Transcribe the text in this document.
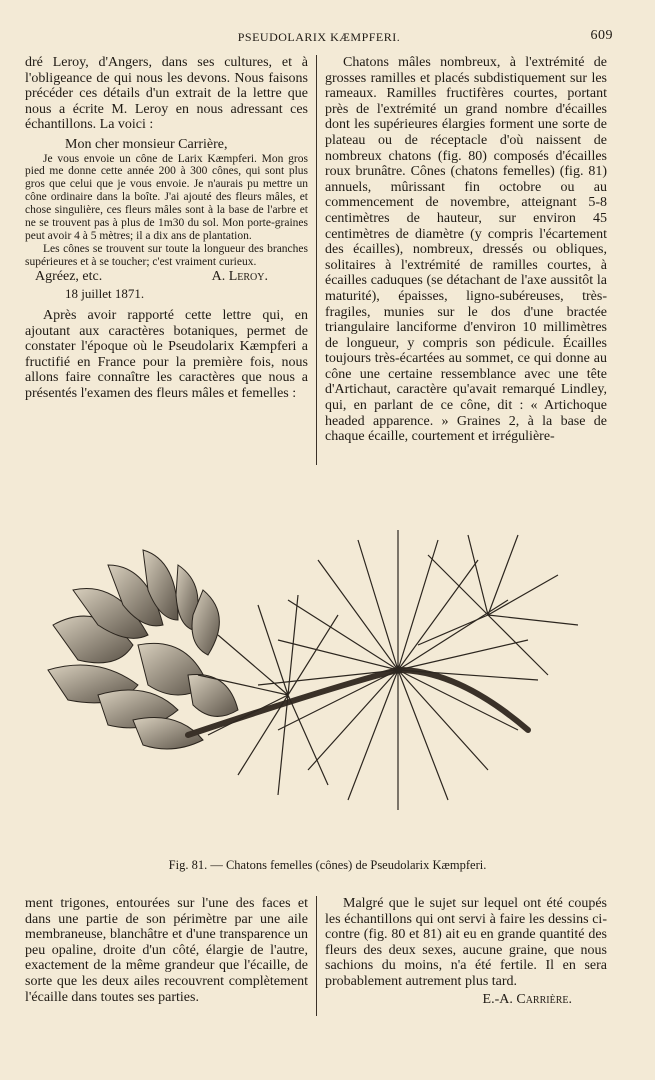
PSEUDOLARIX KÆMPFERI.	609

dré Leroy, d'Angers, dans ses cultures, et à l'obligeance de qui nous les devons. Nous faisons précéder ces détails d'un extrait de la lettre que nous a écrite M. Leroy en nous adressant ces échantillons. La voici :

Mon cher monsieur Carrière,

Je vous envoie un cône de Larix Kæmpferi. Mon gros pied me donne cette année 200 à 300 cônes, qui sont plus gros que celui que je vous envoie. Je n'aurais pu mettre un cône ordinaire dans la boîte. J'ai ajouté des fleurs mâles, et chose singulière, ces fleurs mâles sont à la base de l'arbre et ne se trouvent pas à plus de 1m30 du sol. Mon porte-graines peut avoir 4 à 5 mètres; il a dix ans de plantation.

Les cônes se trouvent sur toute la longueur des branches supérieures et à se toucher; c'est vraiment curieux.

Agréez, etc.	A. Leroy.

18 juillet 1871.

Après avoir rapporté cette lettre qui, en ajoutant aux caractères botaniques, permet de constater l'époque où le Pseudolarix Kæmpferi a fructifié en France pour la première fois, nous allons faire connaître les caractères que nous a présentés l'examen des fleurs mâles et femelles :

Chatons mâles nombreux, à l'extrémité de grosses ramilles et placés subdistiquement sur les rameaux. Ramilles fructifères courtes, portant près de l'extrémité un grand nombre d'écailles dont les supérieures élargies forment une sorte de plateau ou de réceptacle d'où naissent de nombreux chatons (fig. 80) composés d'écailles roux brunâtre. Cônes (chatons femelles) (fig. 81) annuels, mûrissant fin octobre ou au commencement de novembre, atteignant 5-8 centimètres de hauteur, sur environ 45 centimètres de diamètre (y compris l'écartement des écailles), nombreux, dressés ou obliques, solitaires à l'extrémité de ramilles courtes, à écailles caduques (se détachant de l'axe aussitôt la maturité), épaisses, ligno-subéreuses, très-fragiles, munies sur le dos d'une bractée triangulaire lanciforme d'environ 10 millimètres de longueur, y compris son pédicule. Écailles toujours très-écartées au sommet, ce qui donne au cône une certaine ressemblance avec une tête d'Artichaut, caractère qu'avait remarqué Lindley, qui, en parlant de ce cône, dit : « Artichoque headed apparence. » Graines 2, à la base de chaque écaille, courtement et irrégulière-

Fig. 81. — Chatons femelles (cônes) de Pseudolarix Kæmpferi.

ment trigones, entourées sur l'une des faces et dans une partie de son périmètre par une aile membraneuse, blanchâtre et d'une transparence un peu opaline, droite d'un côté, élargie de l'autre, exactement de la même grandeur que l'écaille, de sorte que les deux ailes recouvrent complètement l'écaille dans toutes ses parties.

Malgré que le sujet sur lequel ont été coupés les échantillons qui ont servi à faire les dessins ci-contre (fig. 80 et 81) ait eu en grande quantité des fleurs des deux sexes, aucune graine, que nous sachions du moins, n'a été fertile. Il en sera probablement autrement plus tard.

E.-A. Carrière.
